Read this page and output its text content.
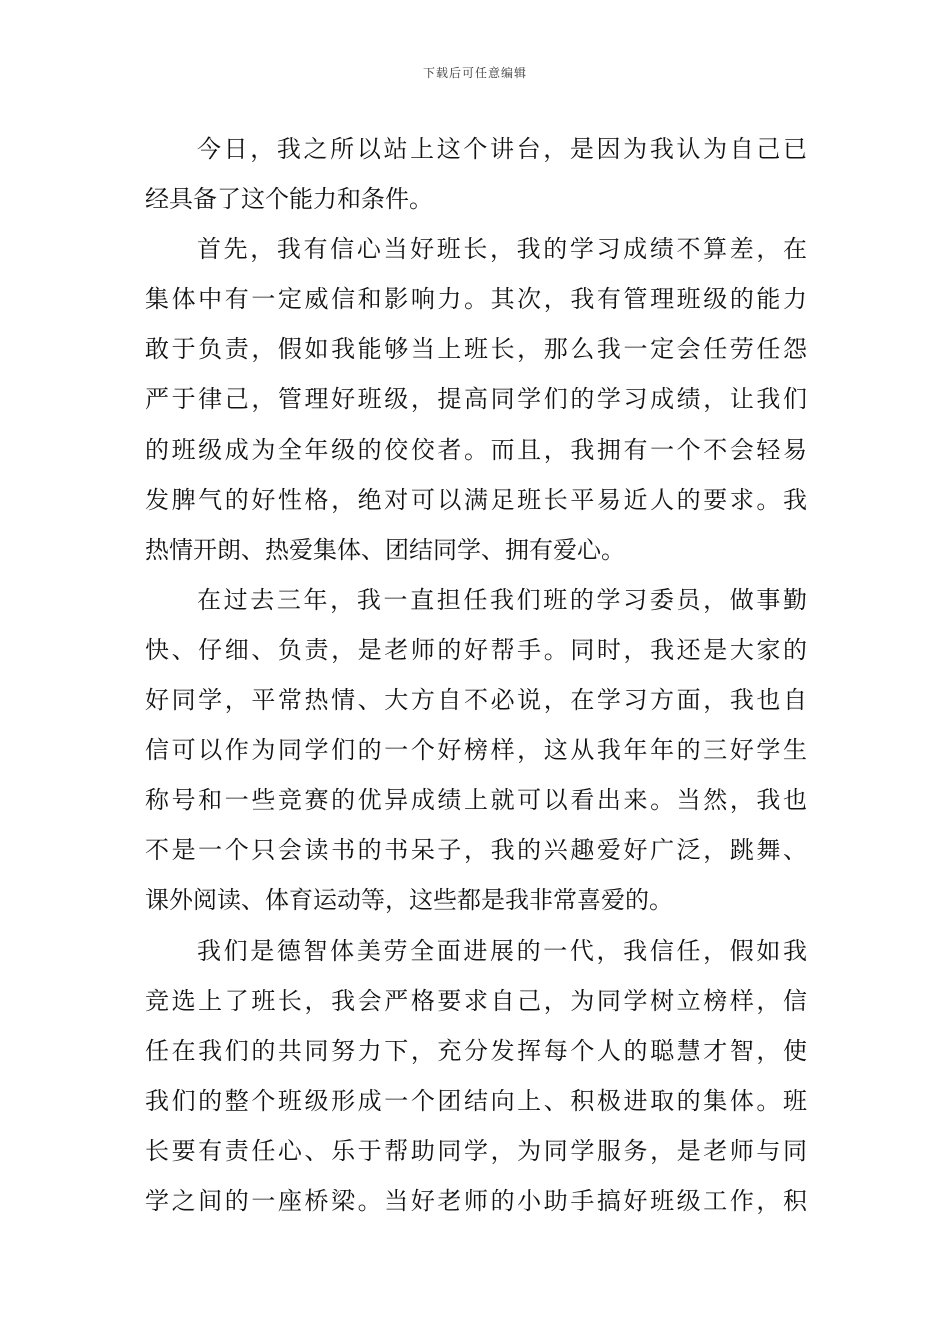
下载后可任意编辑
今日，我之所以站上这个讲台，是因为我认为自己已
经具备了这个能力和条件。
首先，我有信心当好班长，我的学习成绩不算差，在
集体中有一定威信和影响力。其次，我有管理班级的能力
敢于负责，假如我能够当上班长，那么我一定会任劳任怨
严于律己，管理好班级，提高同学们的学习成绩，让我们
的班级成为全年级的佼佼者。而且，我拥有一个不会轻易
发脾气的好性格，绝对可以满足班长平易近人的要求。我
热情开朗、热爱集体、团结同学、拥有爱心。
在过去三年，我一直担任我们班的学习委员，做事勤
快、仔细、负责，是老师的好帮手。同时，我还是大家的
好同学，平常热情、大方自不必说，在学习方面，我也自
信可以作为同学们的一个好榜样，这从我年年的三好学生
称号和一些竞赛的优异成绩上就可以看出来。当然，我也
不是一个只会读书的书呆子，我的兴趣爱好广泛，跳舞、
课外阅读、体育运动等，这些都是我非常喜爱的。
我们是德智体美劳全面进展的一代，我信任，假如我
竞选上了班长，我会严格要求自己，为同学树立榜样，信
任在我们的共同努力下，充分发挥每个人的聪慧才智，使
我们的整个班级形成一个团结向上、积极进取的集体。班
长要有责任心、乐于帮助同学，为同学服务，是老师与同
学之间的一座桥梁。当好老师的小助手搞好班级工作，积
